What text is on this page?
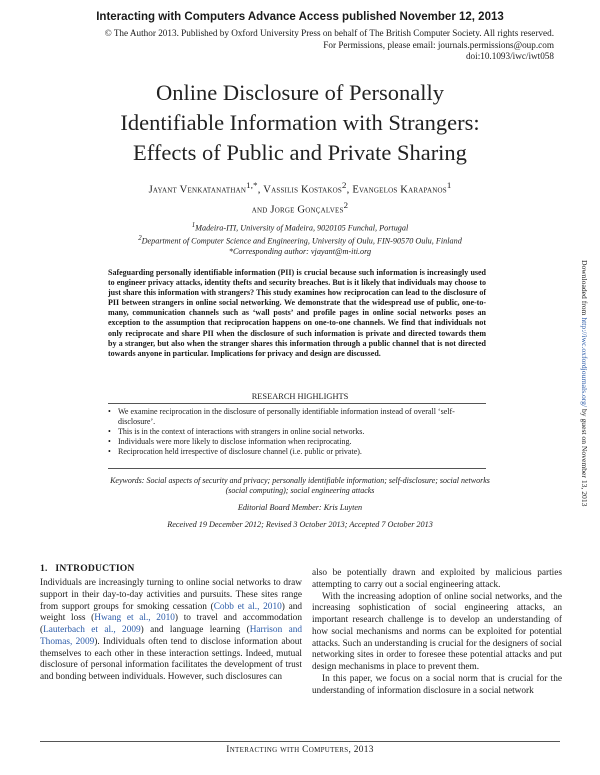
Interacting with Computers Advance Access published November 12, 2013
© The Author 2013. Published by Oxford University Press on behalf of The British Computer Society. All rights reserved.
For Permissions, please email: journals.permissions@oup.com
doi:10.1093/iwc/iwt058
Online Disclosure of Personally
Identifiable Information with Strangers:
Effects of Public and Private Sharing
Jayant Venkatanathan$^{1,*}$, Vassilis Kostakos$^2$, Evangelos Karapanos$^1$
and Jorge Gonçalves$^2$
$^1$Madeira-ITI, University of Madeira, 9020105 Funchal, Portugal
$^2$Department of Computer Science and Engineering, University of Oulu, FIN-90570 Oulu, Finland
*Corresponding author: vjayant@m-iti.org

Safeguarding personally identifiable information (PII) is crucial because such information is increasingly used to engineer privacy attacks, identity thefts and security breaches. But is it likely that individuals may choose to just share this information with strangers? This study examines how reciprocation can lead to the disclosure of PII between strangers in online social networking. We demonstrate that the widespread use of public, one-to-many, communication channels such as ‘wall posts’ and profile pages in online social networks poses an exception to the assumption that reciprocation happens on one-to-one channels. We find that individuals not only reciprocate and share PII when the disclosure of such information is private and directed towards them by a stranger, but also when the stranger shares this information through a public channel that is not directed towards anyone in particular. Implications for privacy and design are discussed.

RESEARCH HIGHLIGHTS
• We examine reciprocation in the disclosure of personally identifiable information instead of overall ‘self-disclosure’.
• This is in the context of interactions with strangers in online social networks.
• Individuals were more likely to disclose information when reciprocating.
• Reciprocation held irrespective of disclosure channel (i.e. public or private).
Keywords: Social aspects of security and privacy; personally identifiable information; self-disclosure; social networks (social computing); social engineering attacks
Editorial Board Member: Kris Luyten
Received 19 December 2012; Revised 3 October 2013; Accepted 7 October 2013
1. INTRODUCTION

Individuals are increasingly turning to online social networks to draw support in their day-to-day activities and pursuits. These sites range from support groups for smoking cessation (Cobb et al., 2010) and weight loss (Hwang et al., 2010) to travel and accommodation (Lauterbach et al., 2009) and language learning (Harrison and Thomas, 2009). Individuals often tend to disclose information about themselves to each other in these interaction settings. Indeed, mutual disclosure of personal information facilitates the development of trust and bonding between individuals. However, such disclosures can

also be potentially drawn and exploited by malicious parties attempting to carry out a social engineering attack.

With the increasing adoption of online social networks, and the increasing sophistication of social engineering attacks, an important research challenge is to develop an understanding of how social mechanisms and norms can be exploited for potential attacks. Such an understanding is crucial for the designers of social networking sites in order to foresee these potential attacks and put design mechanisms in place to prevent them.

In this paper, we focus on a social norm that is crucial for the understanding of information disclosure in a social network

Downloaded from http://iwc.oxfordjournals.org/ by guest on November 13, 2013
Interacting with Computers, 2013
